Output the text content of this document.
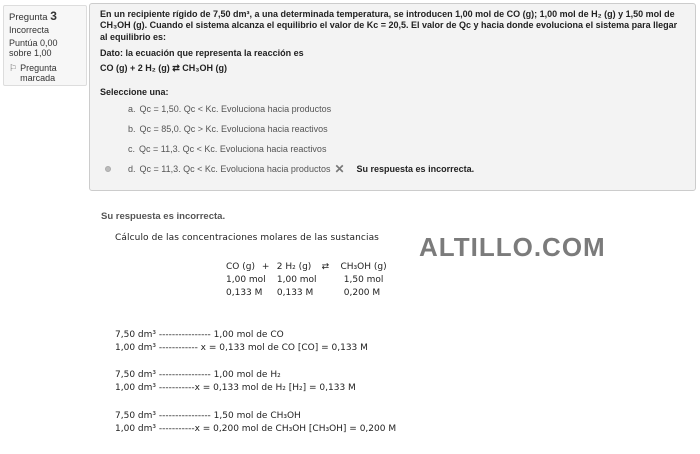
Pregunta 3
Incorrecta
Puntúa 0,00 sobre 1,00
⚐ Pregunta marcada
En un recipiente rígido de 7,50 dm³, a una determinada temperatura, se introducen 1,00 mol de CO (g); 1,00 mol de H₂ (g) y 1,50 mol de CH₃OH (g). Cuando el sistema alcanza el equilibrio el valor de Kc = 20,5. El valor de Qc y hacia donde evoluciona el sistema para llegar al equilibrio es:
Dato: la ecuación que representa la reacción es
CO (g) + 2 H₂ (g) ⇄ CH₃OH (g)
Seleccione una:
a. Qc = 1,50. Qc < Kc. Evoluciona hacia productos
b. Qc = 85,0. Qc > Kc. Evoluciona hacia reactivos
c. Qc = 11,3. Qc < Kc. Evoluciona hacia reactivos
d. Qc = 11,3. Qc < Kc. Evoluciona hacia productos ✕ Su respuesta es incorrecta.
Su respuesta es incorrecta.
Cálculo de las concentraciones molares de las sustancias ALTILLO.COM
CO (g) + 2 H₂ (g) ⇄ CH₃OH (g)
1,00 mol 1,00 mol	1,50 mol
0,133 M 0,133 M	0,200 M
7,50 dm³ ---------------- 1,00 mol de CO
1,00 dm³ ------------ x = 0,133 mol de CO [CO] = 0,133 M
7,50 dm³ ---------------- 1,00 mol de H₂
1,00 dm³ -----------x = 0,133 mol de H₂ [H₂] = 0,133 M
7,50 dm³ ---------------- 1,50 mol de CH₃OH
1,00 dm³ -----------x = 0,200 mol de CH₃OH [CH₃OH] = 0,200 M
